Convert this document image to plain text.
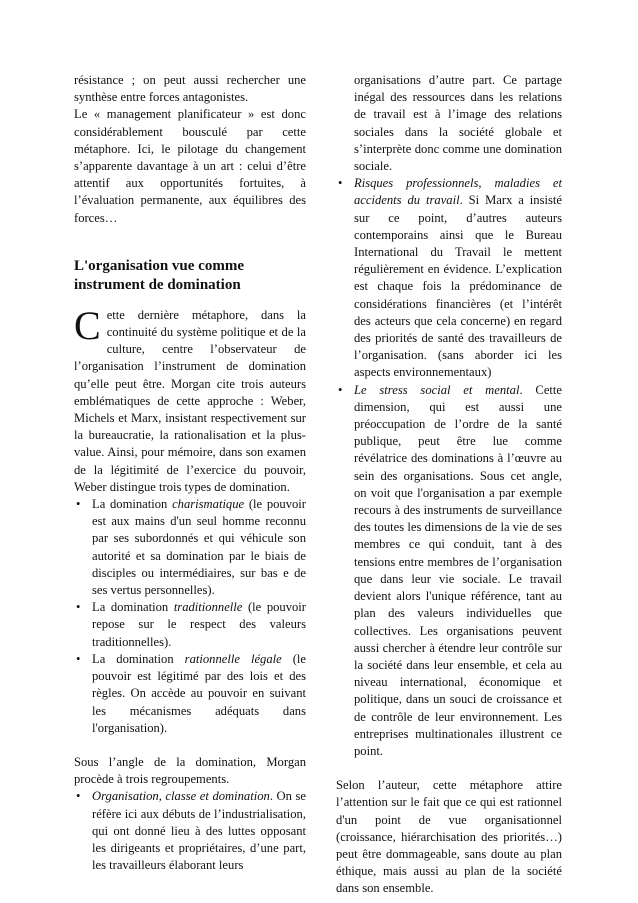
résistance ; on peut aussi rechercher une synthèse entre forces antagonistes.

Le « management planificateur » est donc considérablement bousculé par cette métaphore. Ici, le pilotage du changement s’apparente davantage à un art : celui d’être attentif aux opportunités fortuites, à l’évaluation permanente, aux équilibres des forces…

L'organisation vue comme instrument de domination

Cette dernière métaphore, dans la continuité du système politique et de la culture, centre l’observateur de l’organisation l’instrument de domination qu’elle peut être. Morgan cite trois auteurs emblématiques de cette approche : Weber, Michels et Marx, insistant respectivement sur la bureaucratie, la rationalisation et la plus-value. Ainsi, pour mémoire, dans son examen de la légitimité de l’exercice du pouvoir, Weber distingue trois types de domination.

• La domination charismatique (le pouvoir est aux mains d'un seul homme reconnu par ses subordonnés et qui véhicule son autorité et sa domination par le biais de disciples ou intermédiaires, sur bas e de ses vertus personnelles).
• La domination traditionnelle (le pouvoir repose sur le respect des valeurs traditionnelles).
• La domination rationnelle légale (le pouvoir est légitimé par des lois et des règles. On accède au pouvoir en suivant les mécanismes adéquats dans l'organisation).

Sous l’angle de la domination, Morgan procède à trois regroupements.

• Organisation, classe et domination. On se réfère ici aux débuts de l’industrialisation, qui ont donné lieu à des luttes opposant les dirigeants et propriétaires, d’une part, les travailleurs élaborant leurs

organisations d’autre part. Ce partage inégal des ressources dans les relations de travail est à l’image des relations sociales dans la société globale et s’interprète donc comme une domination sociale.

• Risques professionnels, maladies et accidents du travail. Si Marx a insisté sur ce point, d’autres auteurs contemporains ainsi que le Bureau International du Travail le mettent régulièrement en évidence. L’explication est chaque fois la prédominance de considérations financières (et l’intérêt des acteurs que cela concerne) en regard des priorités de santé des travailleurs de l’organisation. (sans aborder ici les aspects environnementaux)
• Le stress social et mental. Cette dimension, qui est aussi une préoccupation de l’ordre de la santé publique, peut être lue comme révélatrice des dominations à l’œuvre au sein des organisations. Sous cet angle, on voit que l'organisation a par exemple recours à des instruments de surveillance des toutes les dimensions de la vie de ses membres ce qui conduit, tant à des tensions entre membres de l’organisation que dans leur vie sociale. Le travail devient alors l'unique référence, tant au plan des valeurs individuelles que collectives. Les organisations peuvent aussi chercher à étendre leur contrôle sur la société dans leur ensemble, et cela au niveau international, économique et politique, dans un souci de croissance et de contrôle de leur environnement. Les entreprises multinationales illustrent ce point.

Selon l’auteur, cette métaphore attire l’attention sur le fait que ce qui est rationnel d'un point de vue organisationnel (croissance, hiérarchisation des priorités…) peut être dommageable, sans doute au plan éthique, mais aussi au plan de la société dans son ensemble.
